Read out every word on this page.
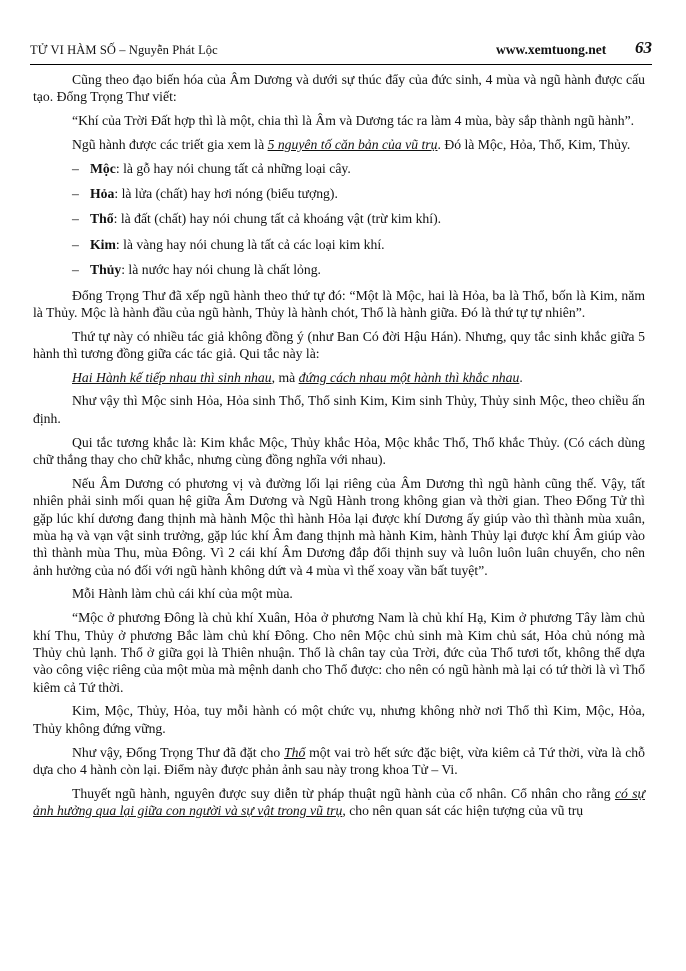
TỬ VI HÀM SỐ – Nguyễn Phát Lộc	www.xemtuong.net 63

Cũng theo đạo biến hóa của Âm Dương và dưới sự thúc đẩy của đức sinh, 4 mùa và ngũ hành được cấu tạo. Đổng Trọng Thư viết:

“Khí của Trời Đất hợp thì là một, chia thì là Âm và Dương tác ra làm 4 mùa, bày sắp thành ngũ hành”.

Ngũ hành được các triết gia xem là 5 nguyên tố căn bản của vũ trụ. Đó là Mộc, Hỏa, Thổ, Kim, Thủy.

– Mộc: là gỗ hay nói chung tất cả những loại cây.

– Hỏa: là lửa (chất) hay hơi nóng (biểu tượng).

– Thổ: là đất (chất) hay nói chung tất cả khoáng vật (trừ kim khí).

– Kim: là vàng hay nói chung là tất cả các loại kim khí.

– Thủy: là nước hay nói chung là chất lỏng.

Đổng Trọng Thư đã xếp ngũ hành theo thứ tự đó: “Một là Mộc, hai là Hỏa, ba là Thổ, bốn là Kim, năm là Thủy. Mộc là hành đầu của ngũ hành, Thủy là hành chót, Thổ là hành giữa. Đó là thứ tự tự nhiên”.

Thứ tự này có nhiều tác giả không đồng ý (như Ban Có đời Hậu Hán). Nhưng, quy tắc sinh khắc giữa 5 hành thì tương đồng giữa các tác giả. Qui tắc này là:

Hai Hành kế tiếp nhau thì sinh nhau, mà đứng cách nhau một hành thì khắc nhau.

Như vậy thì Mộc sinh Hỏa, Hỏa sinh Thổ, Thổ sinh Kim, Kim sinh Thủy, Thủy sinh Mộc, theo chiều ấn định.

Qui tắc tương khắc là: Kim khắc Mộc, Thủy khắc Hỏa, Mộc khắc Thổ, Thổ khắc Thủy. (Có cách dùng chữ thắng thay cho chữ khắc, nhưng cùng đồng nghĩa với nhau).

Nếu Âm Dương có phương vị và đường lối lại riêng của Âm Dương thì ngũ hành cũng thế. Vậy, tất nhiên phải sinh mối quan hệ giữa Âm Dương và Ngũ Hành trong không gian và thời gian. Theo Đổng Tử thì gặp lúc khí dương đang thịnh mà hành Mộc thì hành Hỏa lại được khí Dương ấy giúp vào thì thành mùa xuân, mùa hạ và vạn vật sinh trưởng, gặp lúc khí Âm đang thịnh mà hành Kim, hành Thủy lại được khí Âm giúp vào thì thành mùa Thu, mùa Đông. Vì 2 cái khí Âm Dương đắp đổi thịnh suy và luôn luôn luân chuyển, cho nên ảnh hưởng của nó đối với ngũ hành không dứt và 4 mùa vì thế xoay vần bất tuyệt”.

Mỗi Hành làm chủ cái khí của một mùa.

“Mộc ở phương Đông là chủ khí Xuân, Hỏa ở phương Nam là chủ khí Hạ, Kim ở phương Tây làm chủ khí Thu, Thủy ở phương Bắc làm chủ khí Đông. Cho nên Mộc chủ sinh mà Kim chủ sát, Hỏa chủ nóng mà Thủy chủ lạnh. Thổ ở giữa gọi là Thiên nhuận. Thổ là chân tay của Trời, đức của Thổ tươi tốt, không thể dựa vào công việc riêng của một mùa mà mệnh danh cho Thổ được: cho nên có ngũ hành mà lại có tứ thời là vì Thổ kiêm cả Tứ thời.

Kim, Mộc, Thủy, Hỏa, tuy mỗi hành có một chức vụ, nhưng không nhờ nơi Thổ thì Kim, Mộc, Hỏa, Thủy không đứng vững.

Như vậy, Đổng Trọng Thư đã đặt cho Thổ một vai trò hết sức đặc biệt, vừa kiêm cả Tứ thời, vừa là chỗ dựa cho 4 hành còn lại. Điểm này được phản ảnh sau này trong khoa Tử – Vi.

Thuyết ngũ hành, nguyên được suy diễn từ pháp thuật ngũ hành của cổ nhân. Cổ nhân cho rằng có sự ảnh hưởng qua lại giữa con người và sự vật trong vũ trụ, cho nên quan sát các hiện tượng của vũ trụ
